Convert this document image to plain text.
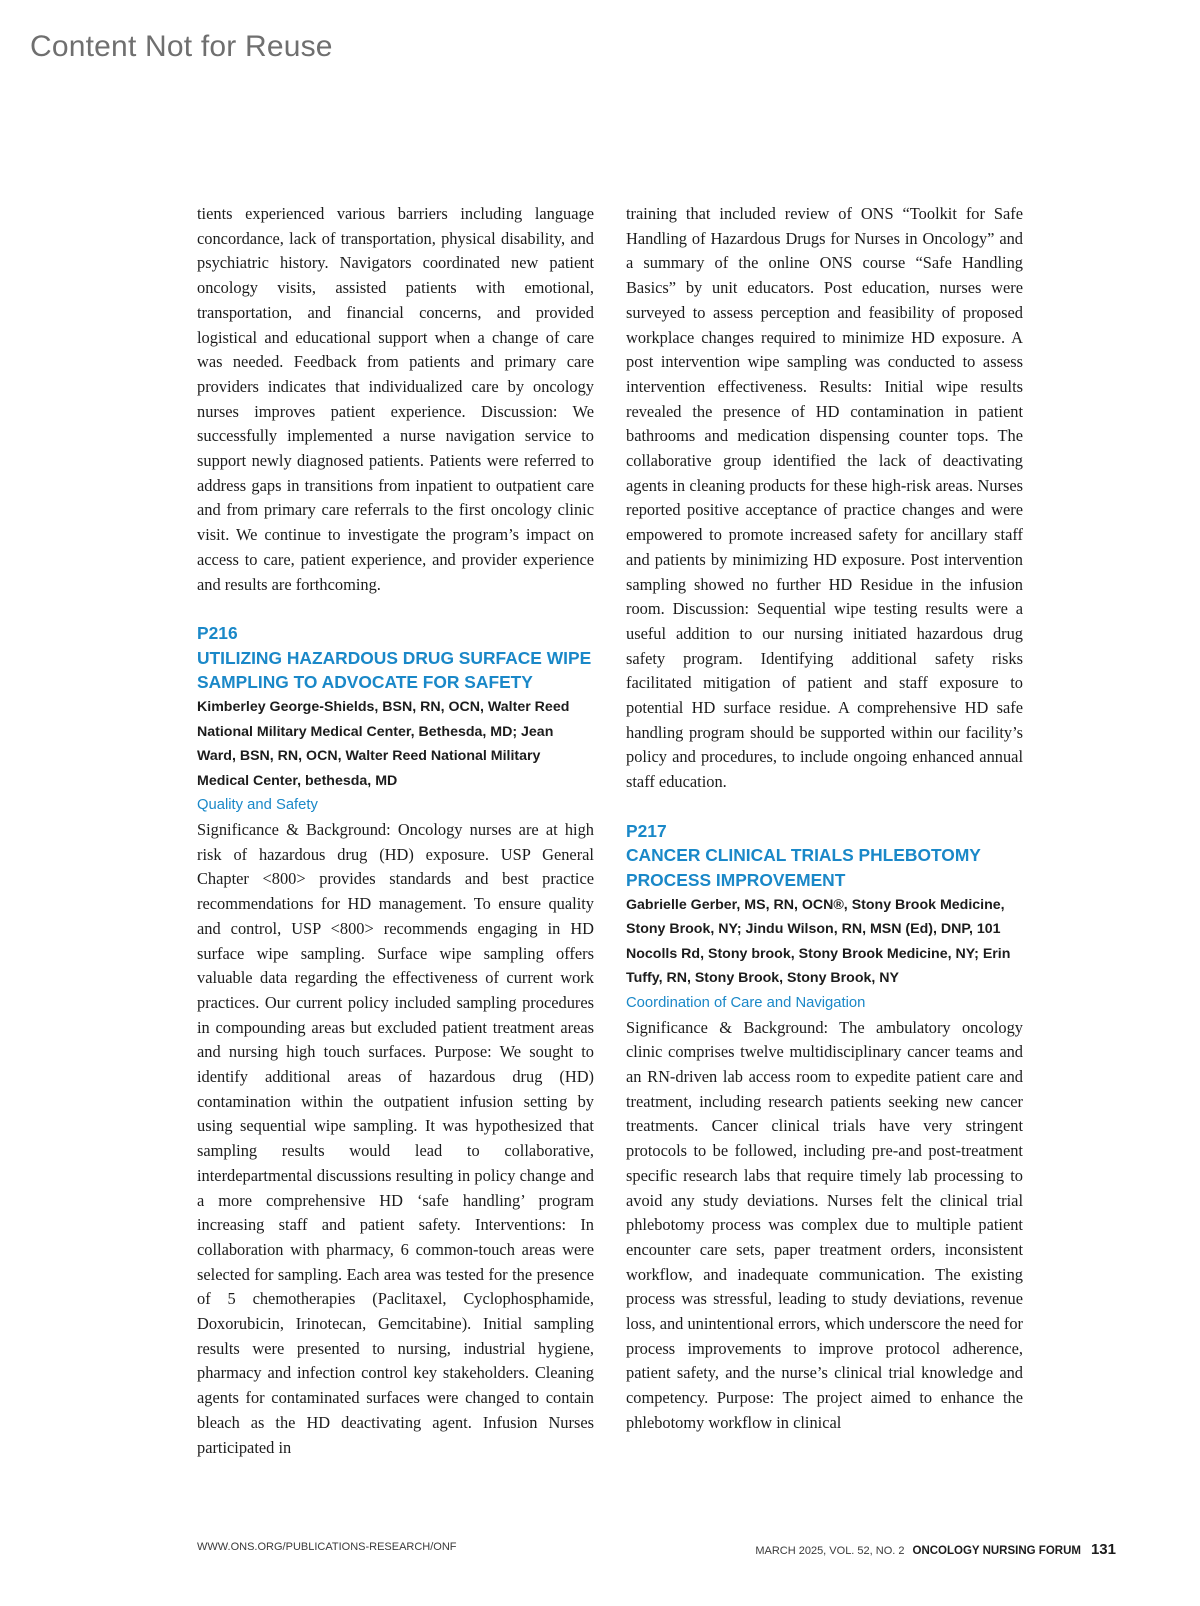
Content Not for Reuse

tients experienced various barriers including language concordance, lack of transportation, physical disability, and psychiatric history. Navigators coordinated new patient oncology visits, assisted patients with emotional, transportation, and financial concerns, and provided logistical and educational support when a change of care was needed. Feedback from patients and primary care providers indicates that individualized care by oncology nurses improves patient experience. Discussion: We successfully implemented a nurse navigation service to support newly diagnosed patients. Patients were referred to address gaps in transitions from inpatient to outpatient care and from primary care referrals to the first oncology clinic visit. We continue to investigate the program’s impact on access to care, patient experience, and provider experience and results are forthcoming.

P216

UTILIZING HAZARDOUS DRUG SURFACE WIPE SAMPLING TO ADVOCATE FOR SAFETY

Kimberley George-Shields, BSN, RN, OCN, Walter Reed National Military Medical Center, Bethesda, MD; Jean Ward, BSN, RN, OCN, Walter Reed National Military Medical Center, bethesda, MD

Quality and Safety

Significance & Background: Oncology nurses are at high risk of hazardous drug (HD) exposure. USP General Chapter <800> provides standards and best practice recommendations for HD management. To ensure quality and control, USP <800> recommends engaging in HD surface wipe sampling. Surface wipe sampling offers valuable data regarding the effectiveness of current work practices. Our current policy included sampling procedures in compounding areas but excluded patient treatment areas and nursing high touch surfaces. Purpose: We sought to identify additional areas of hazardous drug (HD) contamination within the outpatient infusion setting by using sequential wipe sampling. It was hypothesized that sampling results would lead to collaborative, interdepartmental discussions resulting in policy change and a more comprehensive HD ‘safe handling’ program increasing staff and patient safety. Interventions: In collaboration with pharmacy, 6 common-touch areas were selected for sampling. Each area was tested for the presence of 5 chemotherapies (Paclitaxel, Cyclophosphamide, Doxorubicin, Irinotecan, Gemcitabine). Initial sampling results were presented to nursing, industrial hygiene, pharmacy and infection control key stakeholders. Cleaning agents for contaminated surfaces were changed to contain bleach as the HD deactivating agent. Infusion Nurses participated in

training that included review of ONS “Toolkit for Safe Handling of Hazardous Drugs for Nurses in Oncology” and a summary of the online ONS course “Safe Handling Basics” by unit educators. Post education, nurses were surveyed to assess perception and feasibility of proposed workplace changes required to minimize HD exposure. A post intervention wipe sampling was conducted to assess intervention effectiveness. Results: Initial wipe results revealed the presence of HD contamination in patient bathrooms and medication dispensing counter tops. The collaborative group identified the lack of deactivating agents in cleaning products for these high-risk areas. Nurses reported positive acceptance of practice changes and were empowered to promote increased safety for ancillary staff and patients by minimizing HD exposure. Post intervention sampling showed no further HD Residue in the infusion room. Discussion: Sequential wipe testing results were a useful addition to our nursing initiated hazardous drug safety program. Identifying additional safety risks facilitated mitigation of patient and staff exposure to potential HD surface residue. A comprehensive HD safe handling program should be supported within our facility’s policy and procedures, to include ongoing enhanced annual staff education.

P217

CANCER CLINICAL TRIALS PHLEBOTOMY PROCESS IMPROVEMENT

Gabrielle Gerber, MS, RN, OCN®, Stony Brook Medicine, Stony Brook, NY; Jindu Wilson, RN, MSN (Ed), DNP, 101 Nocolls Rd, Stony brook, Stony Brook Medicine, NY; Erin Tuffy, RN, Stony Brook, Stony Brook, NY

Coordination of Care and Navigation

Significance & Background: The ambulatory oncology clinic comprises twelve multidisciplinary cancer teams and an RN-driven lab access room to expedite patient care and treatment, including research patients seeking new cancer treatments. Cancer clinical trials have very stringent protocols to be followed, including pre-and post-treatment specific research labs that require timely lab processing to avoid any study deviations. Nurses felt the clinical trial phlebotomy process was complex due to multiple patient encounter care sets, paper treatment orders, inconsistent workflow, and inadequate communication. The existing process was stressful, leading to study deviations, revenue loss, and unintentional errors, which underscore the need for process improvements to improve protocol adherence, patient safety, and the nurse’s clinical trial knowledge and competency. Purpose: The project aimed to enhance the phlebotomy workflow in clinical

WWW.ONS.ORG/PUBLICATIONS-RESEARCH/ONF	MARCH 2025, VOL. 52, NO. 2 ONCOLOGY NURSING FORUM 131
